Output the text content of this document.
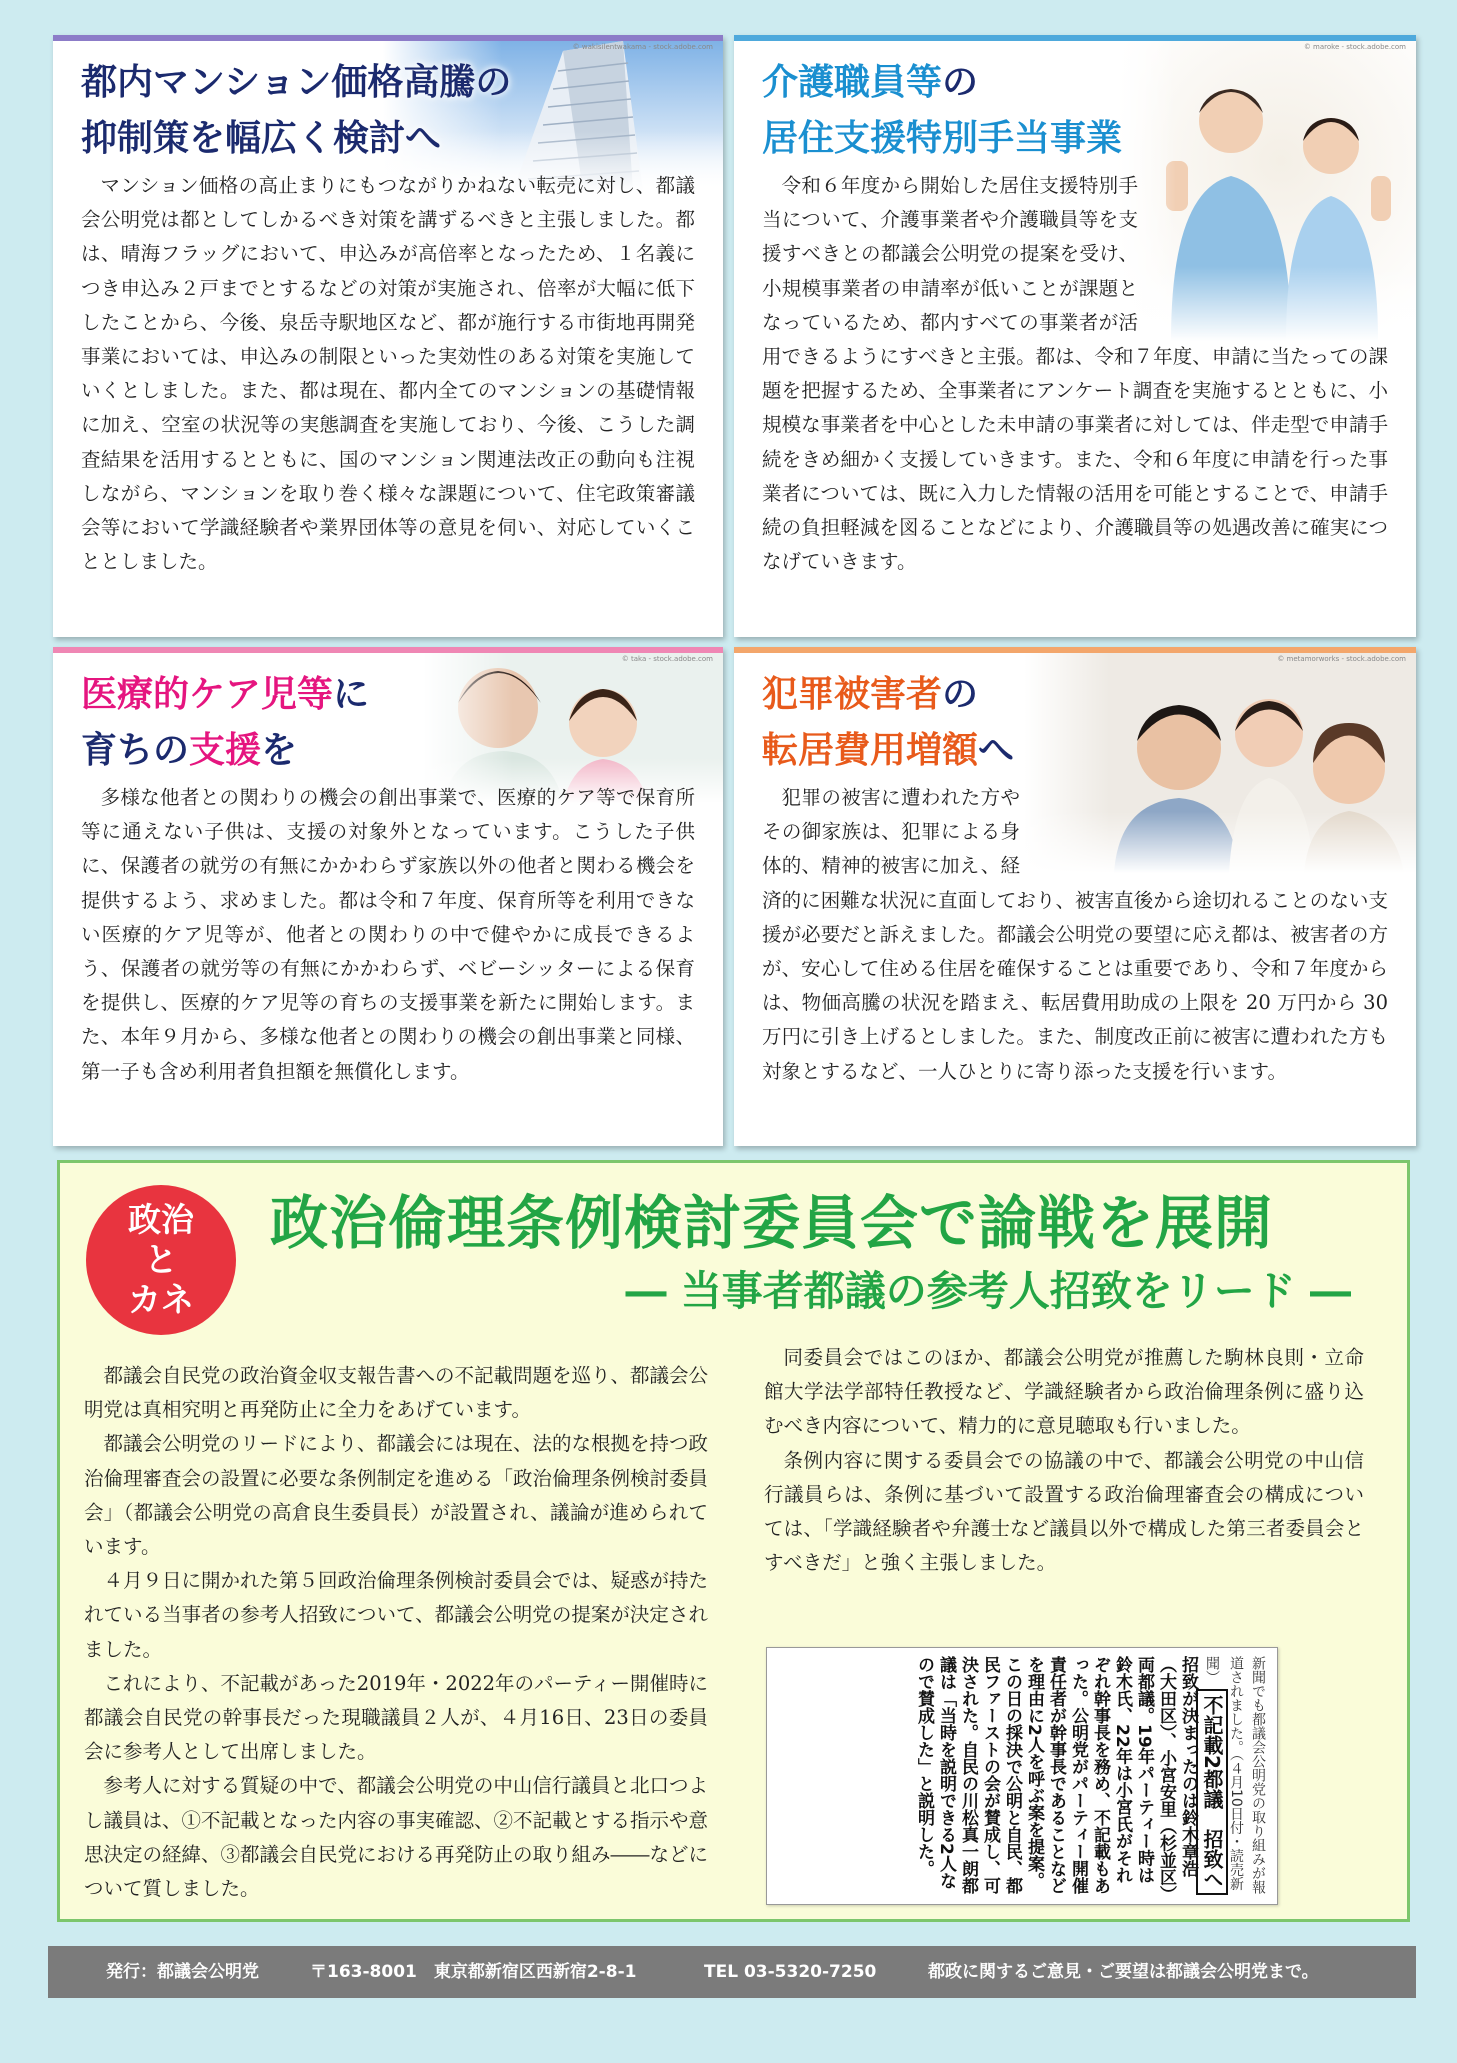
© wakisilentwakama - stock.adobe.com
都内マンション価格高騰の
抑制策を幅広く検討へ
マンション価格の高止まりにもつながりかねない転売に対し、都議会公明党は都としてしかるべき対策を講ずるべきと主張しました。都は、晴海フラッグにおいて、申込みが高倍率となったため、１名義につき申込み２戸までとするなどの対策が実施され、倍率が大幅に低下したことから、今後、泉岳寺駅地区など、都が施行する市街地再開発事業においては、申込みの制限といった実効性のある対策を実施していくとしました。また、都は現在、都内全てのマンションの基礎情報に加え、空室の状況等の実態調査を実施しており、今後、こうした調査結果を活用するとともに、国のマンション関連法改正の動向も注視しながら、マンションを取り巻く様々な課題について、住宅政策審議会等において学識経験者や業界団体等の意見を伺い、対応していくこととしました。
© maroke - stock.adobe.com
介護職員等の
居住支援特別手当事業
令和６年度から開始した居住支援特別手当について、介護事業者や介護職員等を支援すべきとの都議会公明党の提案を受け、小規模事業者の申請率が低いことが課題となっているため、都内すべての事業者が活用できるようにすべきと主張。都は、令和７年度、申請に当たっての課題を把握するため、全事業者にアンケート調査を実施するとともに、小規模な事業者を中心とした未申請の事業者に対しては、伴走型で申請手続をきめ細かく支援していきます。また、令和６年度に申請を行った事業者については、既に入力した情報の活用を可能とすることで、申請手続の負担軽減を図ることなどにより、介護職員等の処遇改善に確実につなげていきます。
© taka - stock.adobe.com
医療的ケア児等に
育ちの支援を
多様な他者との関わりの機会の創出事業で、医療的ケア等で保育所等に通えない子供は、支援の対象外となっています。こうした子供に、保護者の就労の有無にかかわらず家族以外の他者と関わる機会を提供するよう、求めました。都は令和７年度、保育所等を利用できない医療的ケア児等が、他者との関わりの中で健やかに成長できるよう、保護者の就労等の有無にかかわらず、ベビーシッターによる保育を提供し、医療的ケア児等の育ちの支援事業を新たに開始します。また、本年９月から、多様な他者との関わりの機会の創出事業と同様、第一子も含め利用者負担額を無償化します。
© metamorworks - stock.adobe.com
犯罪被害者の
転居費用増額へ
犯罪の被害に遭われた方やその御家族は、犯罪による身体的、精神的被害に加え、経済的に困難な状況に直面しており、被害直後から途切れることのない支援が必要だと訴えました。都議会公明党の要望に応え都は、被害者の方が、安心して住める住居を確保することは重要であり、令和７年度からは、物価高騰の状況を踏まえ、転居費用助成の上限を 20 万円から 30 万円に引き上げるとしました。また、制度改正前に被害に遭われた方も対象とするなど、一人ひとりに寄り添った支援を行います。
政治
と
カネ
政治倫理条例検討委員会で論戦を展開
― 当事者都議の参考人招致をリード ―

都議会自民党の政治資金収支報告書への不記載問題を巡り、都議会公明党は真相究明と再発防止に全力をあげています。

都議会公明党のリードにより、都議会には現在、法的な根拠を持つ政治倫理審査会の設置に必要な条例制定を進める「政治倫理条例検討委員会」（都議会公明党の高倉良生委員長）が設置され、議論が進められています。

４月９日に開かれた第５回政治倫理条例検討委員会では、疑惑が持たれている当事者の参考人招致について、都議会公明党の提案が決定されました。

これにより、不記載があった2019年・2022年のパーティー開催時に都議会自民党の幹事長だった現職議員２人が、４月16日、23日の委員会に参考人として出席しました。

参考人に対する質疑の中で、都議会公明党の中山信行議員と北口つよし議員は、①不記載となった内容の事実確認、②不記載とする指示や意思決定の経緯、③都議会自民党における再発防止の取り組み――などについて質しました。

同委員会ではこのほか、都議会公明党が推薦した駒林良則・立命館大学法学部特任教授など、学識経験者から政治倫理条例に盛り込むべき内容について、精力的に意見聴取も行いました。

条例内容に関する委員会での協議の中で、都議会公明党の中山信行議員らは、条例に基づいて設置する政治倫理審査会の構成については、「学識経験者や弁護士など議員以外で構成した第三者委員会とすべきだ」と強く主張しました。

新聞でも都議会公明党の取り組みが報道されました。（４月10日付・読売新聞） 不記載2都議　招致へ 招致が決まったのは鈴木章浩（大田区）、小宮安里（杉並区）両都議。19年パーティー時は鈴木氏、22年は小宮氏がそれぞれ幹事長を務め、不記載もあった。公明党がパーティー開催責任者が幹事長であることなどを理由に2人を呼ぶ案を提案。この日の採決で公明と自民、都民ファーストの会が賛成し、可決された。自民の川松真一朗都議は「当時を説明できる2人なので賛成した」と説明した。
発行：都議会公明党	〒163-8001　東京都新宿区西新宿2-8-1	TEL 03-5320-7250	都政に関するご意見・ご要望は都議会公明党まで。
